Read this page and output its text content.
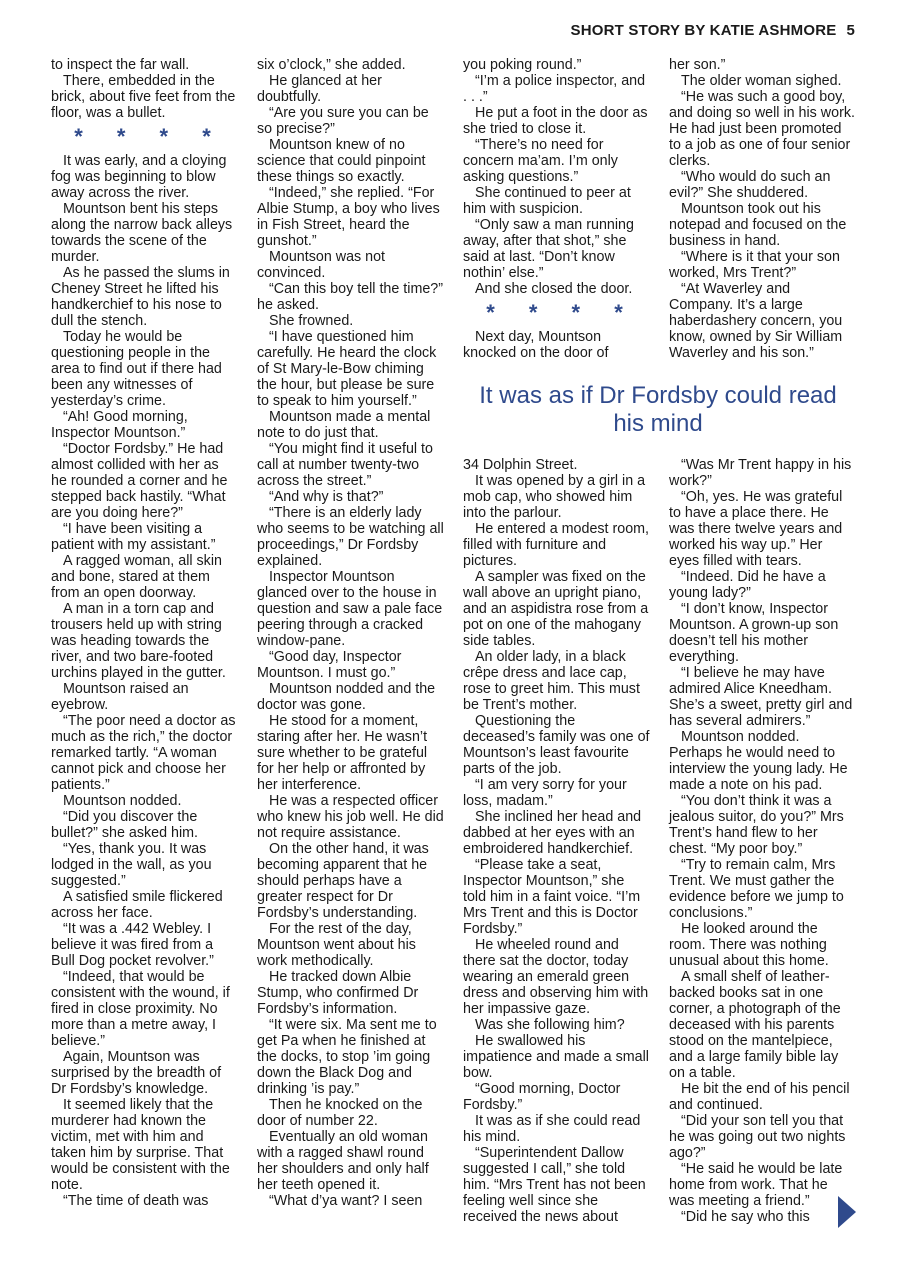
SHORT STORY BY KATIE ASHMORE 5

to inspect the far wall.

There, embedded in the brick, about five feet from the floor, was a bullet.

* * * *

It was early, and a cloying fog was beginning to blow away across the river.

Mountson bent his steps along the narrow back alleys towards the scene of the murder.

As he passed the slums in Cheney Street he lifted his handkerchief to his nose to dull the stench.

Today he would be questioning people in the area to find out if there had been any witnesses of yesterday’s crime.

“Ah! Good morning, Inspector Mountson.”

“Doctor Fordsby.” He had almost collided with her as he rounded a corner and he stepped back hastily. “What are you doing here?”

“I have been visiting a patient with my assistant.”

A ragged woman, all skin and bone, stared at them from an open doorway.

A man in a torn cap and trousers held up with string was heading towards the river, and two bare-footed urchins played in the gutter.

Mountson raised an eyebrow.

“The poor need a doctor as much as the rich,” the doctor remarked tartly. “A woman cannot pick and choose her patients.”

Mountson nodded.

“Did you discover the bullet?” she asked him.

“Yes, thank you. It was lodged in the wall, as you suggested.”

A satisfied smile flickered across her face.

“It was a .442 Webley. I believe it was fired from a Bull Dog pocket revolver.”

“Indeed, that would be consistent with the wound, if fired in close proximity. No more than a metre away, I believe.”

Again, Mountson was surprised by the breadth of Dr Fordsby’s knowledge.

It seemed likely that the murderer had known the victim, met with him and taken him by surprise. That would be consistent with the note.

“The time of death was

six o’clock,” she added.

He glanced at her doubtfully.

“Are you sure you can be so precise?”

Mountson knew of no science that could pinpoint these things so exactly.

“Indeed,” she replied. “For Albie Stump, a boy who lives in Fish Street, heard the gunshot.”

Mountson was not convinced.

“Can this boy tell the time?” he asked.

She frowned.

“I have questioned him carefully. He heard the clock of St Mary-le-Bow chiming the hour, but please be sure to speak to him yourself.”

Mountson made a mental note to do just that.

“You might find it useful to call at number twenty-two across the street.”

“And why is that?”

“There is an elderly lady who seems to be watching all proceedings,” Dr Fordsby explained.

Inspector Mountson glanced over to the house in question and saw a pale face peering through a cracked window-pane.

“Good day, Inspector Mountson. I must go.”

Mountson nodded and the doctor was gone.

He stood for a moment, staring after her. He wasn’t sure whether to be grateful for her help or affronted by her interference.

He was a respected officer who knew his job well. He did not require assistance.

On the other hand, it was becoming apparent that he should perhaps have a greater respect for Dr Fordsby’s understanding.

For the rest of the day, Mountson went about his work methodically.

He tracked down Albie Stump, who confirmed Dr Fordsby’s information.

“It were six. Ma sent me to get Pa when he finished at the docks, to stop ’im going down the Black Dog and drinking ’is pay.”

Then he knocked on the door of number 22.

Eventually an old woman with a ragged shawl round her shoulders and only half her teeth opened it.

“What d’ya want? I seen

you poking round.”

“I’m a police inspector, and . . .”

He put a foot in the door as she tried to close it.

“There’s no need for concern ma’am. I’m only asking questions.”

She continued to peer at him with suspicion.

“Only saw a man running away, after that shot,” she said at last. “Don’t know nothin’ else.”

And she closed the door.

* * * *

Next day, Mountson knocked on the door of

her son.”

The older woman sighed.

“He was such a good boy, and doing so well in his work. He had just been promoted to a job as one of four senior clerks.

“Who would do such an evil?” She shuddered.

Mountson took out his notepad and focused on the business in hand.

“Where is it that your son worked, Mrs Trent?”

“At Waverley and Company. It’s a large haberdashery concern, you know, owned by Sir William Waverley and his son.”

It was as if Dr Fordsby could read his mind

34 Dolphin Street.

It was opened by a girl in a mob cap, who showed him into the parlour.

He entered a modest room, filled with furniture and pictures.

A sampler was fixed on the wall above an upright piano, and an aspidistra rose from a pot on one of the mahogany side tables.

An older lady, in a black crêpe dress and lace cap, rose to greet him. This must be Trent’s mother.

Questioning the deceased’s family was one of Mountson’s least favourite parts of the job.

“I am very sorry for your loss, madam.”

She inclined her head and dabbed at her eyes with an embroidered handkerchief.

“Please take a seat, Inspector Mountson,” she told him in a faint voice. “I’m Mrs Trent and this is Doctor Fordsby.”

He wheeled round and there sat the doctor, today wearing an emerald green dress and observing him with her impassive gaze.

Was she following him?

He swallowed his impatience and made a small bow.

“Good morning, Doctor Fordsby.”

It was as if she could read his mind.

“Superintendent Dallow suggested I call,” she told him. “Mrs Trent has not been feeling well since she received the news about

“Was Mr Trent happy in his work?”

“Oh, yes. He was grateful to have a place there. He was there twelve years and worked his way up.” Her eyes filled with tears.

“Indeed. Did he have a young lady?”

“I don’t know, Inspector Mountson. A grown-up son doesn’t tell his mother everything.

“I believe he may have admired Alice Kneedham. She’s a sweet, pretty girl and has several admirers.”

Mountson nodded. Perhaps he would need to interview the young lady. He made a note on his pad.

“You don’t think it was a jealous suitor, do you?” Mrs Trent’s hand flew to her chest. “My poor boy.”

“Try to remain calm, Mrs Trent. We must gather the evidence before we jump to conclusions.”

He looked around the room. There was nothing unusual about this home.

A small shelf of leather-backed books sat in one corner, a photograph of the deceased with his parents stood on the mantelpiece, and a large family bible lay on a table.

He bit the end of his pencil and continued.

“Did your son tell you that he was going out two nights ago?”

“He said he would be late home from work. That he was meeting a friend.”

“Did he say who this
